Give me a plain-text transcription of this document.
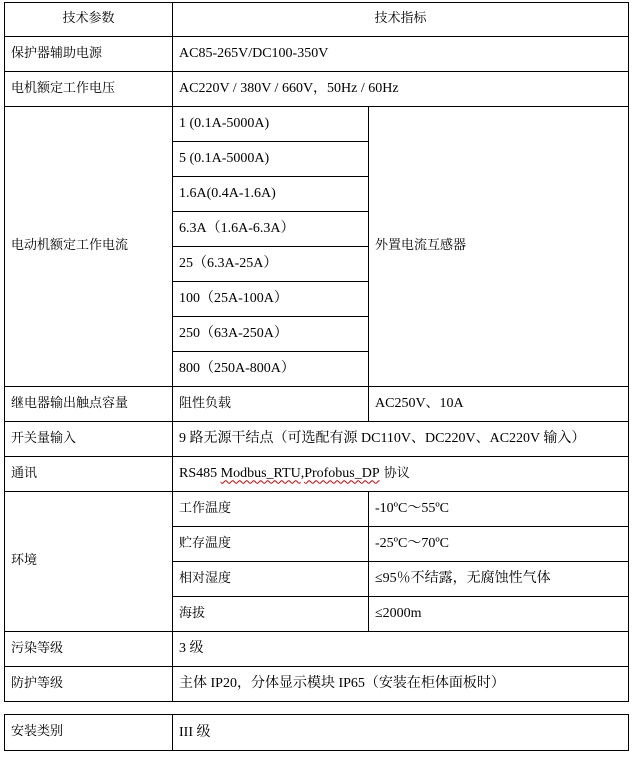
技术参数	技术指标	
保护器辅助电源	AC85-265V/DC100-350V	
电机额定工作电压	AC220V / 380V / 660V，50Hz / 60Hz	
电动机额定工作电流	1 (0.1A-5000A)	外置电流互感器
	5 (0.1A-5000A)	
	1.6A(0.4A-1.6A)	
	6.3A（1.6A-6.3A）	
	25（6.3A-25A）	
	100（25A-100A）	
	250（63A-250A）	
	800（250A-800A）	
继电器输出触点容量	阻性负载	AC250V、10A
开关量输入	9 路无源干结点（可选配有源 DC110V、DC220V、AC220V 输入）	
通讯	RS485 Modbus_RTU,Profobus_DP 协议	
环境	工作温度	-10ºC～55ºC
	贮存温度	-25ºC～70ºC
	相对湿度	≤95％不结露，无腐蚀性气体
	海拔	≤2000m
污染等级	3 级	
防护等级	主体 IP20，分体显示模块 IP65（安装在柜体面板时）	
安装类别	III 级
